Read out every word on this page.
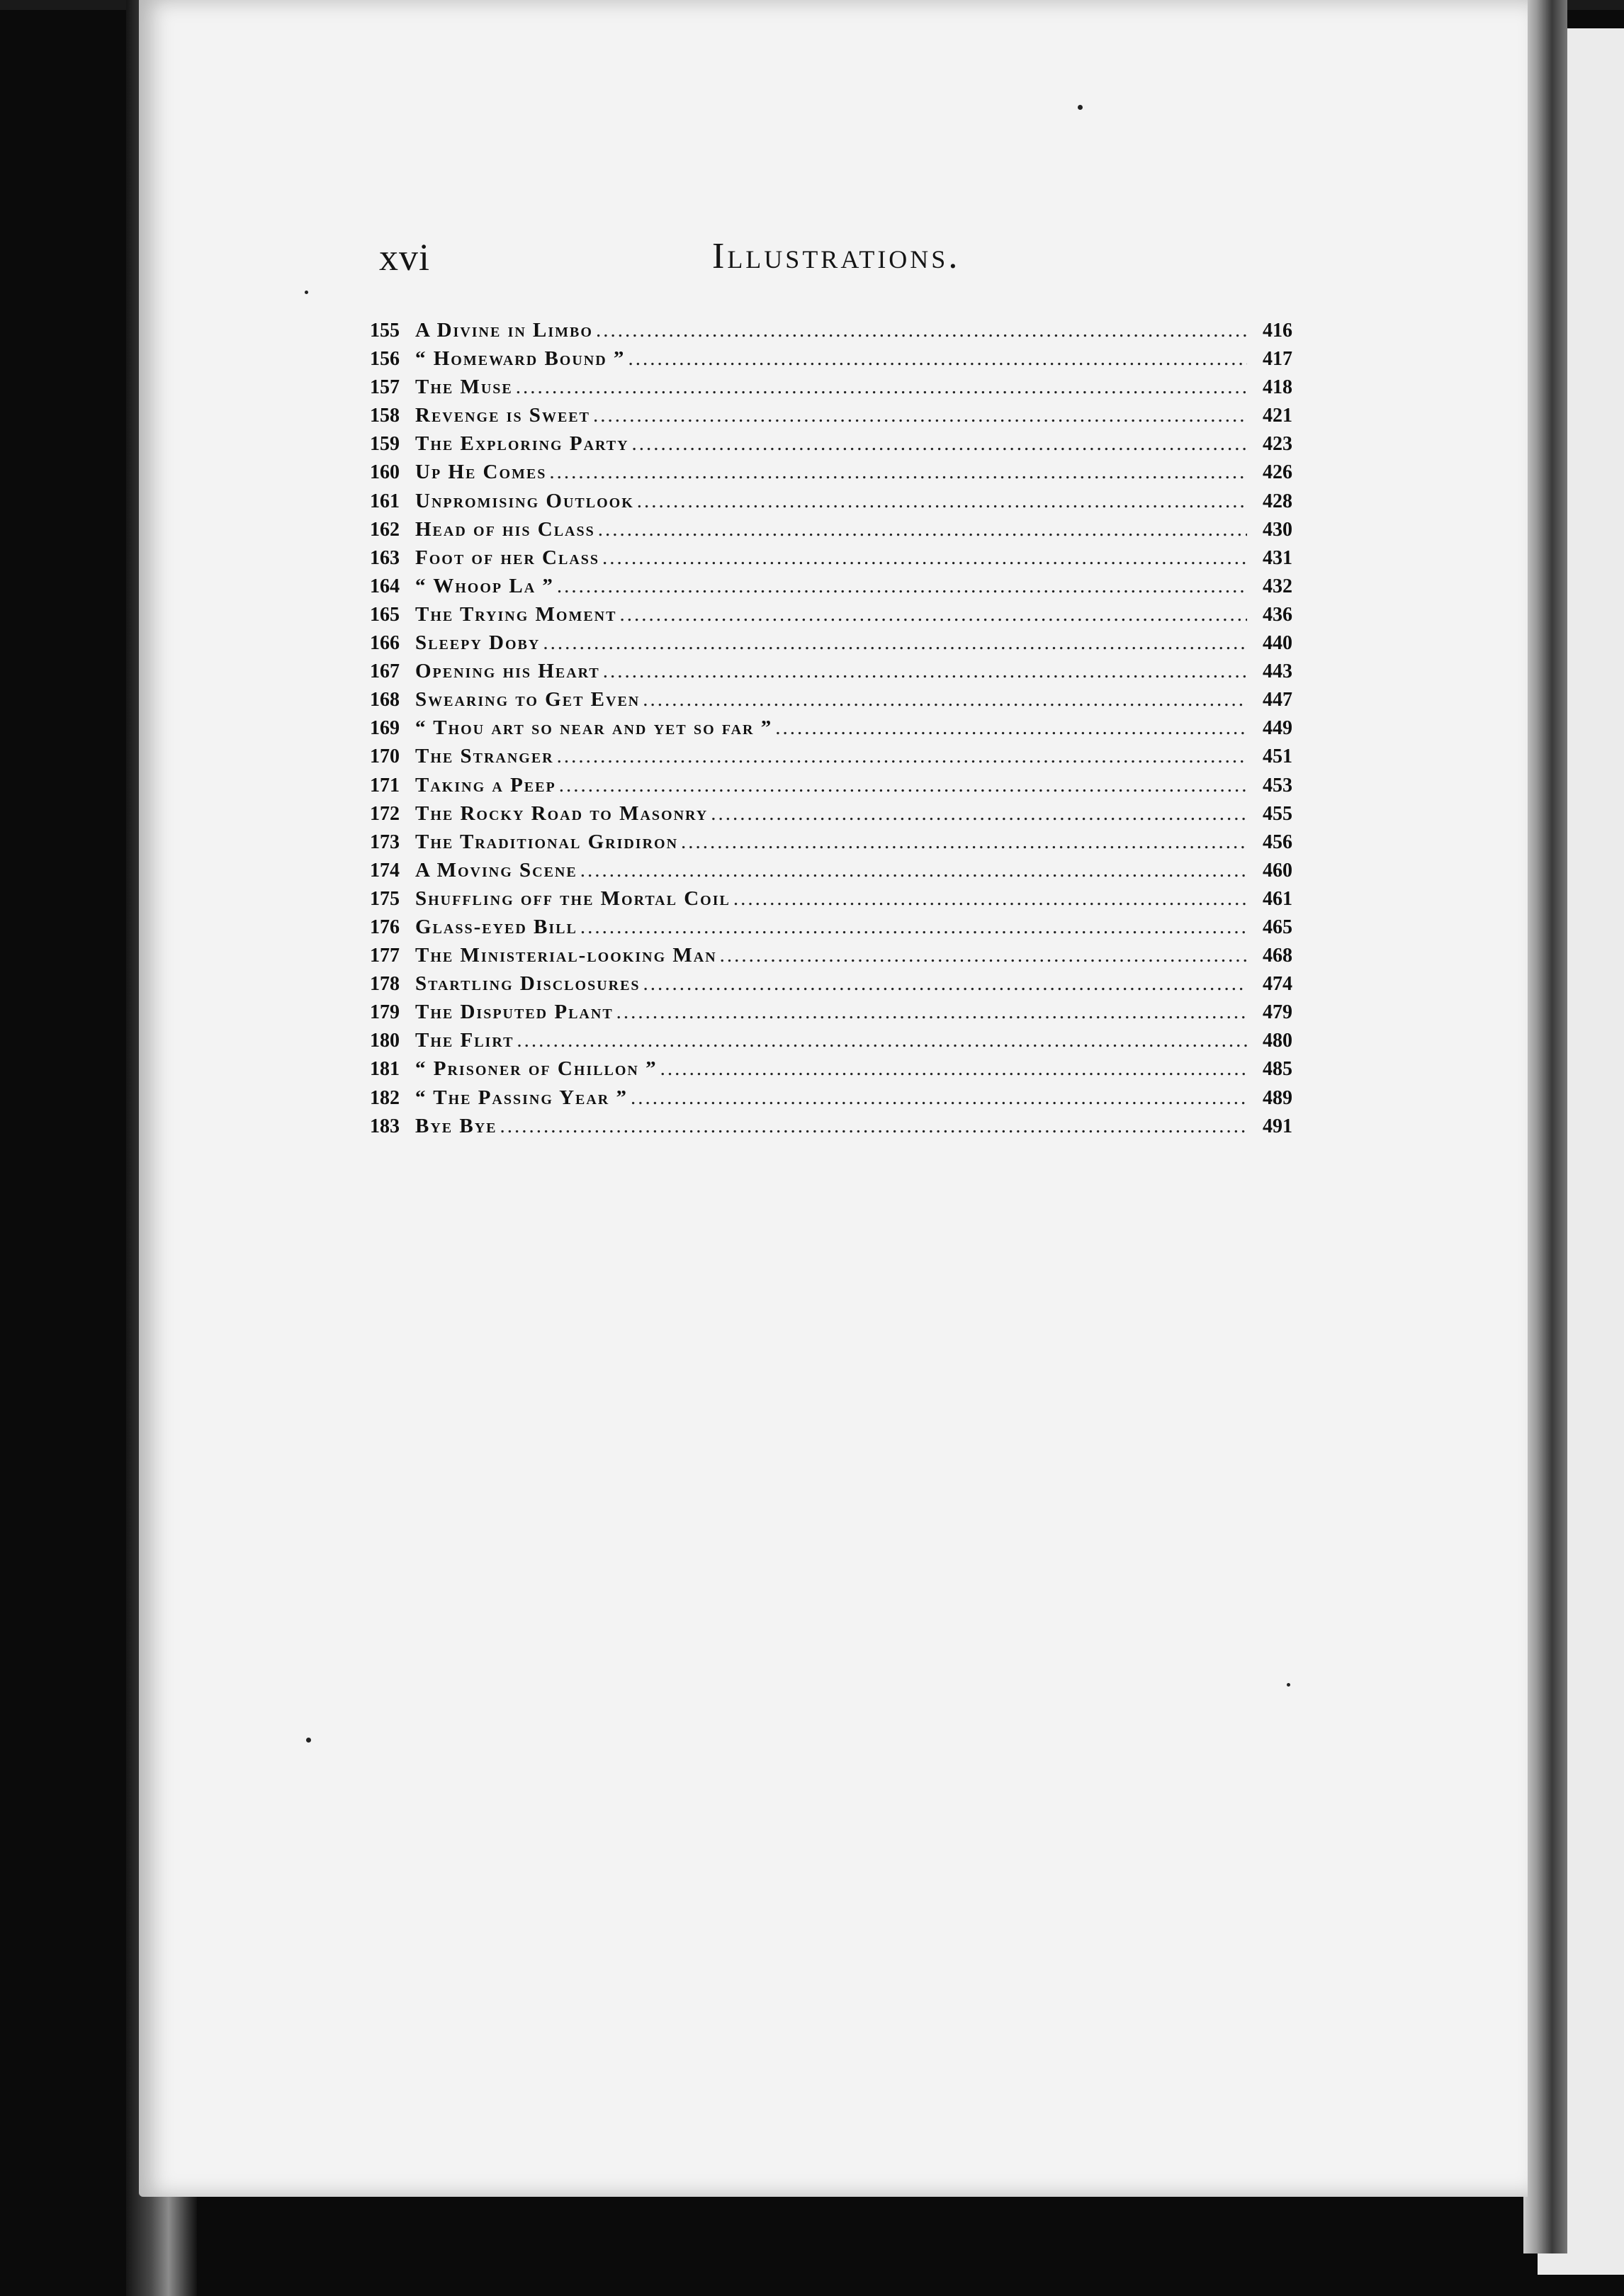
xvi	Illustrations.
155 A Divine in Limbo .....	416
156 “ Homeward Bound ” .....	417
157 The Muse .....	418
158 Revenge is Sweet .....	421
159 The Exploring Party .....	423
160 Up He Comes .....	426
161 Unpromising Outlook .....	428
162 Head of his Class .....	430
163 Foot of her Class .....	431
164 “ Whoop La ” .....	432
165 The Trying Moment .....	436
166 Sleepy Doby .....	440
167 Opening his Heart .....	443
168 Swearing to Get Even .....	447
169 “ Thou art so near and yet so far ” .....	449
170 The Stranger .....	451
171 Taking a Peep .....	453
172 The Rocky Road to Masonry .....	455
173 The Traditional Gridiron .....	456
174 A Moving Scene .....	460
175 Shuffling off the Mortal Coil .....	461
176 Glass-eyed Bill .....	465
177 The Ministerial-looking Man .....	468
178 Startling Disclosures .....	474
179 The Disputed Plant .....	479
180 The Flirt .....	480
181 “ Prisoner of Chillon ” .....	485
182 “ The Passing Year ” .....	489
183 Bye Bye .....	491
